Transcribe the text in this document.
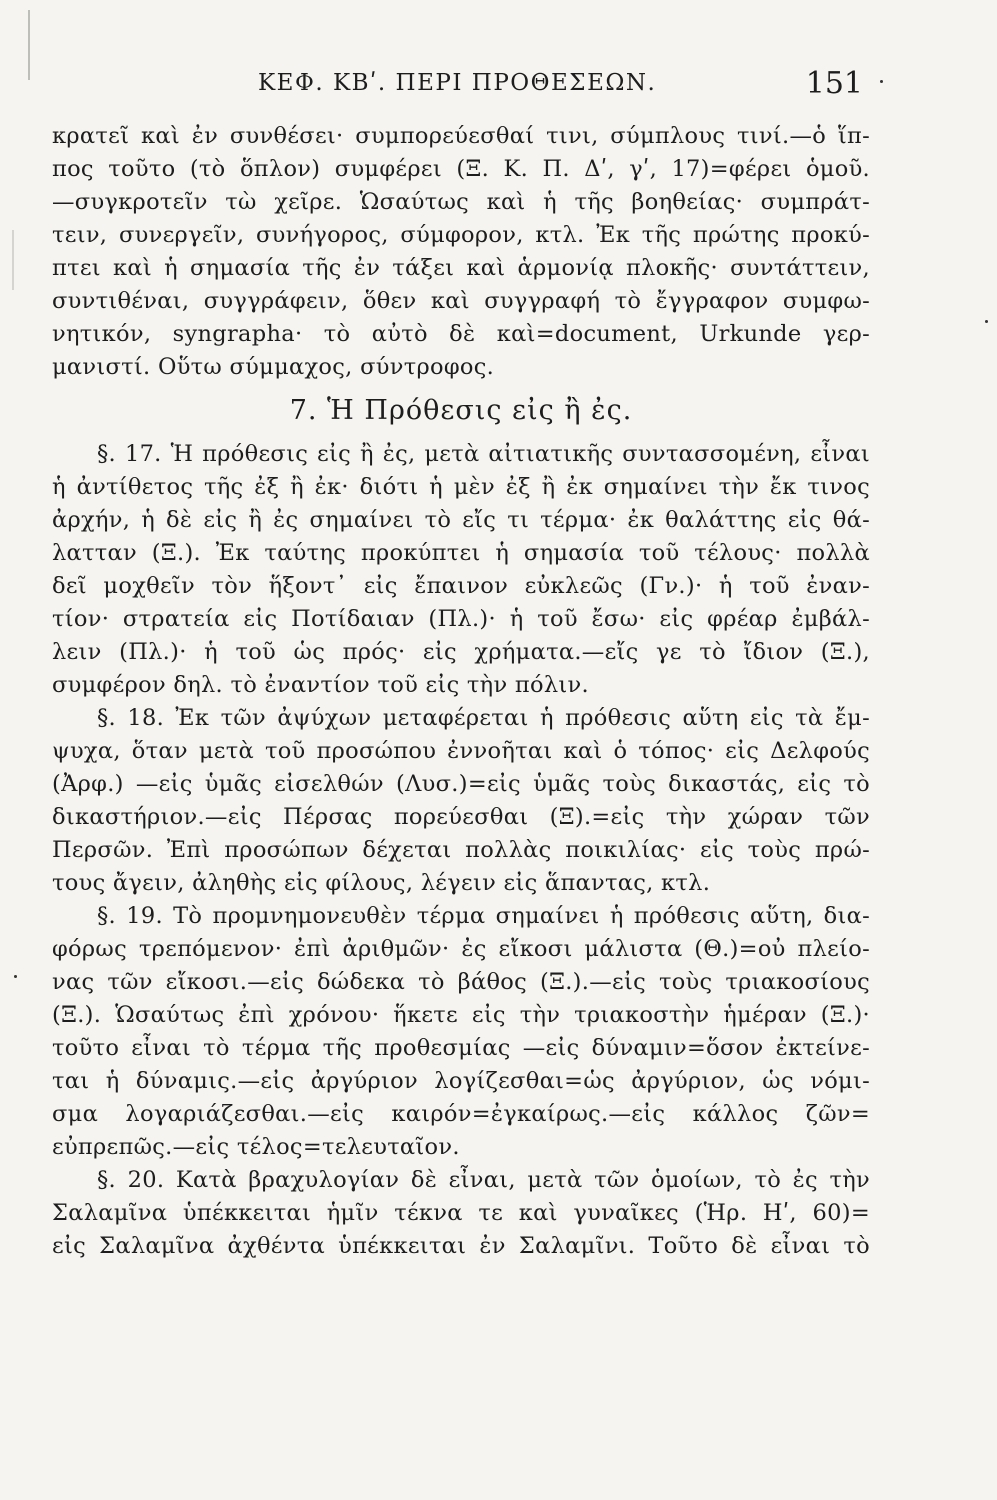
ΚΕΦ. ΚΒʹ. ΠΕΡΙ ΠΡΟΘΕΣΕΩΝ.	151
κρατεῖ καὶ ἐν συνθέσει· συμπορεύεσθαί τινι, σύμπλους τινί.—ὁ ἵπ-
πος τοῦτο (τὸ ὅπλον) συμφέρει (Ξ. Κ. Π. Δʹ, γʹ, 17)=φέρει ὁμοῦ.
—συγκροτεῖν τὼ χεῖρε. Ὡσαύτως καὶ ἡ τῆς βοηθείας· συμπράτ-
τειν, συνεργεῖν, συνήγορος, σύμφορον, κτλ. Ἐκ τῆς πρώτης προκύ-
πτει καὶ ἡ σημασία τῆς ἐν τάξει καὶ ἁρμονίᾳ πλοκῆς· συντάττειν,
συντιθέναι, συγγράφειν, ὅθεν καὶ συγγραφή τὸ ἔγγραφον συμφω-
νητικόν, syngrapha· τὸ αὐτὸ δὲ καὶ=document, Urkunde γερ-
μανιστί. Οὕτω σύμμαχος, σύντροφος.
7. Ἡ Πρόθεσις εἰς ἢ ἐς.
§. 17. Ἡ πρόθεσις εἰς ἢ ἐς, μετὰ αἰτιατικῆς συντασσομένη, εἶναι
ἡ ἀντίθετος τῆς ἐξ ἢ ἐκ· διότι ἡ μὲν ἐξ ἢ ἐκ σημαίνει τὴν ἔκ τινος
ἀρχήν, ἡ δὲ εἰς ἢ ἐς σημαίνει τὸ εἴς τι τέρμα· ἐκ θαλάττης εἰς θά-
λατταν (Ξ.). Ἐκ ταύτης προκύπτει ἡ σημασία τοῦ τέλους· πολλὰ
δεῖ μοχθεῖν τὸν ἥξοντ᾽ εἰς ἔπαινον εὐκλεῶς (Γν.)· ἡ τοῦ ἐναν-
τίον· στρατεία εἰς Ποτίδαιαν (Πλ.)· ἡ τοῦ ἔσω· εἰς φρέαρ ἐμβάλ-
λειν (Πλ.)· ἡ τοῦ ὡς πρός· εἰς χρήματα.—εἴς γε τὸ ἴδιον (Ξ.),
συμφέρον δηλ. τὸ ἐναντίον τοῦ εἰς τὴν πόλιν.
§. 18. Ἐκ τῶν ἀψύχων μεταφέρεται ἡ πρόθεσις αὕτη εἰς τὰ ἔμ-
ψυχα, ὅταν μετὰ τοῦ προσώπου ἐννοῆται καὶ ὁ τόπος· εἰς Δελφούς
(Ἀρφ.) —εἰς ὑμᾶς εἰσελθών (Λυσ.)=εἰς ὑμᾶς τοὺς δικαστάς, εἰς τὸ
δικαστήριον.—εἰς Πέρσας πορεύεσθαι (Ξ).=εἰς τὴν χώραν τῶν
Περσῶν. Ἐπὶ προσώπων δέχεται πολλὰς ποικιλίας· εἰς τοὺς πρώ-
τους ἄγειν, ἀληθὴς εἰς φίλους, λέγειν εἰς ἅπαντας, κτλ.
§. 19. Τὸ προμνημονευθὲν τέρμα σημαίνει ἡ πρόθεσις αὕτη, δια-
φόρως τρεπόμενον· ἐπὶ ἀριθμῶν· ἐς εἴκοσι μάλιστα (Θ.)=οὐ πλείο-
νας τῶν εἴκοσι.—εἰς δώδεκα τὸ βάθος (Ξ.).—εἰς τοὺς τριακοσίους
(Ξ.). Ὡσαύτως ἐπὶ χρόνου· ἥκετε εἰς τὴν τριακοστὴν ἡμέραν (Ξ.)·
τοῦτο εἶναι τὸ τέρμα τῆς προθεσμίας —εἰς δύναμιν=ὅσον ἐκτείνε-
ται ἡ δύναμις.—εἰς ἀργύριον λογίζεσθαι=ὡς ἀργύριον, ὡς νόμι-
σμα λογαριάζεσθαι.—εἰς καιρόν=ἐγκαίρως.—εἰς κάλλος ζῶν=
εὐπρεπῶς.—εἰς τέλος=τελευταῖον.
§. 20. Κατὰ βραχυλογίαν δὲ εἶναι, μετὰ τῶν ὁμοίων, τὸ ἐς τὴν
Σαλαμῖνα ὑπέκκειται ἡμῖν τέκνα τε καὶ γυναῖκες (Ἡρ. Ηʹ, 60)=
εἰς Σαλαμῖνα ἀχθέντα ὑπέκκειται ἐν Σαλαμῖνι. Τοῦτο δὲ εἶναι τὸ
